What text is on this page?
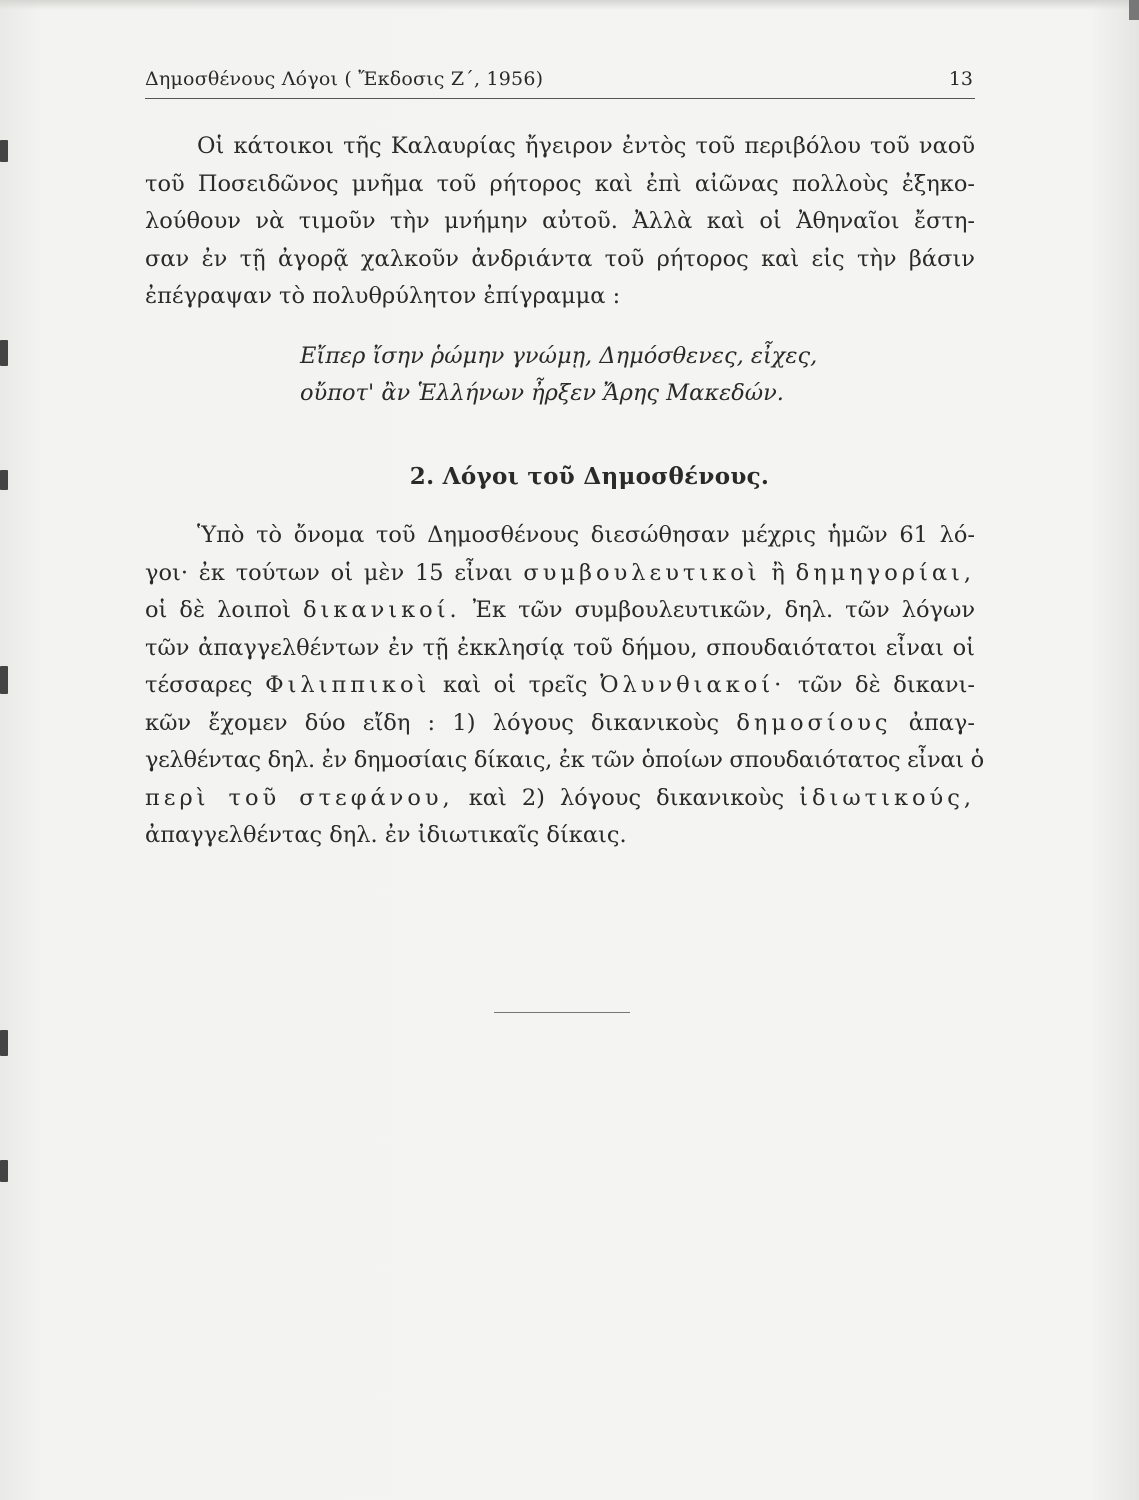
Δημοσθένους Λόγοι ( Ἔκδοσις Ζ΄, 1956)	13
Οἱ κάτοικοι τῆς Καλαυρίας ἤγειρον ἐντὸς τοῦ περιβόλου τοῦ ναοῦ
τοῦ Ποσειδῶνος μνῆμα τοῦ ρήτορος καὶ ἐπὶ αἰῶνας πολλοὺς ἐξηκο-
λούθουν νὰ τιμοῦν τὴν μνήμην αὐτοῦ. Ἀλλὰ καὶ οἱ Ἀθηναῖοι ἔστη-
σαν ἐν τῇ ἀγορᾷ χαλκοῦν ἀνδριάντα τοῦ ρήτορος καὶ εἰς τὴν βάσιν
ἐπέγραψαν τὸ πολυθρύλητον ἐπίγραμμα :
Εἴπερ ἴσην ῥώμην γνώμῃ, Δημόσθενες, εἶχες,
οὔποτ' ἂν Ἑλλήνων ἦρξεν Ἄρης Μακεδών.
2. Λόγοι τοῦ Δημοσθένους.
Ὑπὸ τὸ ὄνομα τοῦ Δημοσθένους διεσώθησαν μέχρις ἡμῶν 61 λό-
γοι· ἐκ τούτων οἱ μὲν 15 εἶναι συμβουλευτικοὶ ἢ δημηγορίαι,
οἱ δὲ λοιποὶ δικανικοί. Ἐκ τῶν συμβουλευτικῶν, δηλ. τῶν λόγων
τῶν ἀπαγγελθέντων ἐν τῇ ἐκκλησίᾳ τοῦ δήμου, σπουδαιότατοι εἶναι οἱ
τέσσαρες Φιλιππικοὶ καὶ οἱ τρεῖς Ὀλυνθιακοί· τῶν δὲ δικανι-
κῶν ἔχομεν δύο εἴδη : 1) λόγους δικανικοὺς δημοσίους ἀπαγ-
γελθέντας δηλ. ἐν δημοσίαις δίκαις, ἐκ τῶν ὁποίων σπουδαιότατος εἶναι ὁ
περὶ τοῦ στεφάνου, καὶ 2) λόγους δικανικοὺς ἰδιωτικούς,
ἀπαγγελθέντας δηλ. ἐν ἰδιωτικαῖς δίκαις.
